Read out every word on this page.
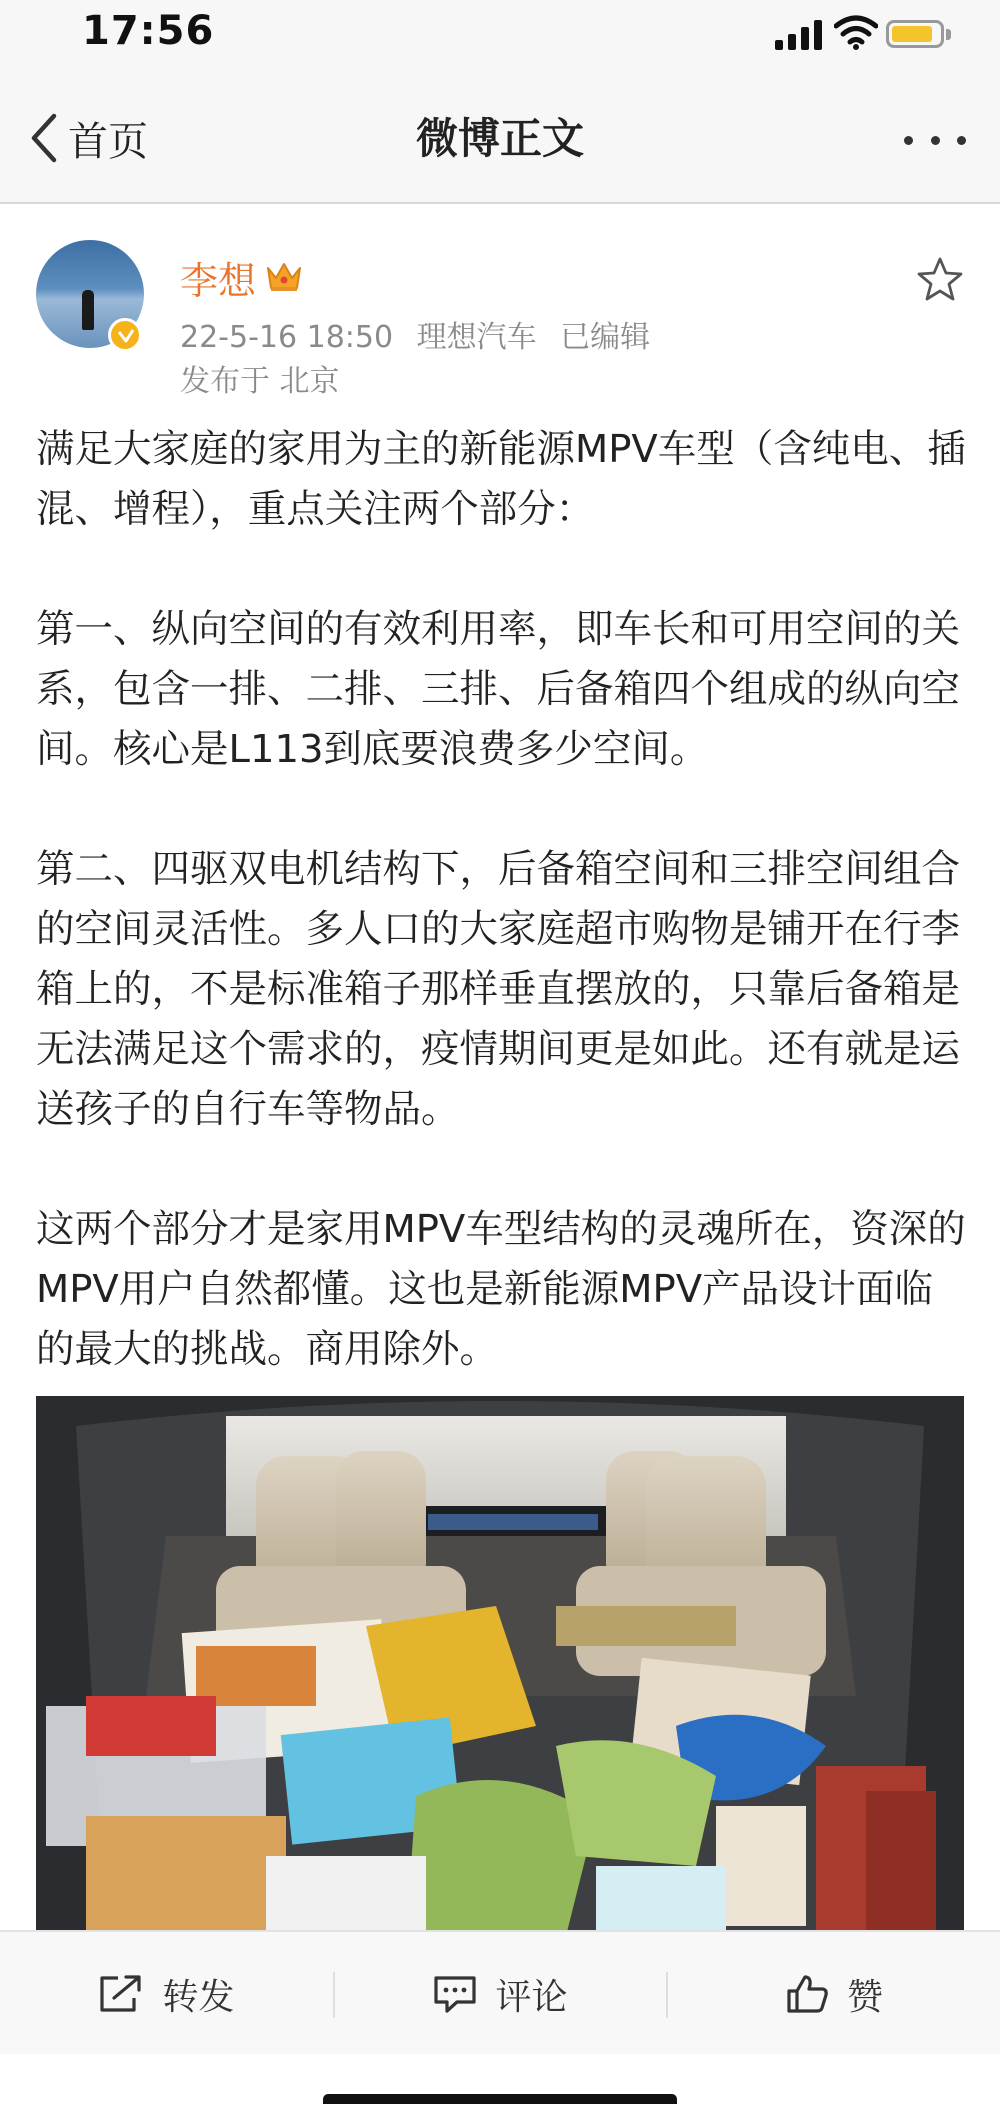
17:56
首页	微博正文
李想
22-5-16 18:50 理想汽车 已编辑
发布于 北京

满足大家庭的家用为主的新能源MPV车型（含纯电、插混、增程），重点关注两个部分：

第一、纵向空间的有效利用率，即车长和可用空间的关系，包含一排、二排、三排、后备箱四个组成的纵向空间。核心是L113到底要浪费多少空间。

第二、四驱双电机结构下，后备箱空间和三排空间组合的空间灵活性。多人口的大家庭超市购物是铺开在行李箱上的，不是标准箱子那样垂直摆放的，只靠后备箱是无法满足这个需求的，疫情期间更是如此。还有就是运送孩子的自行车等物品。

这两个部分才是家用MPV车型结构的灵魂所在，资深的MPV用户自然都懂。这也是新能源MPV产品设计面临的最大的挑战。商用除外。

转发	评论	赞
